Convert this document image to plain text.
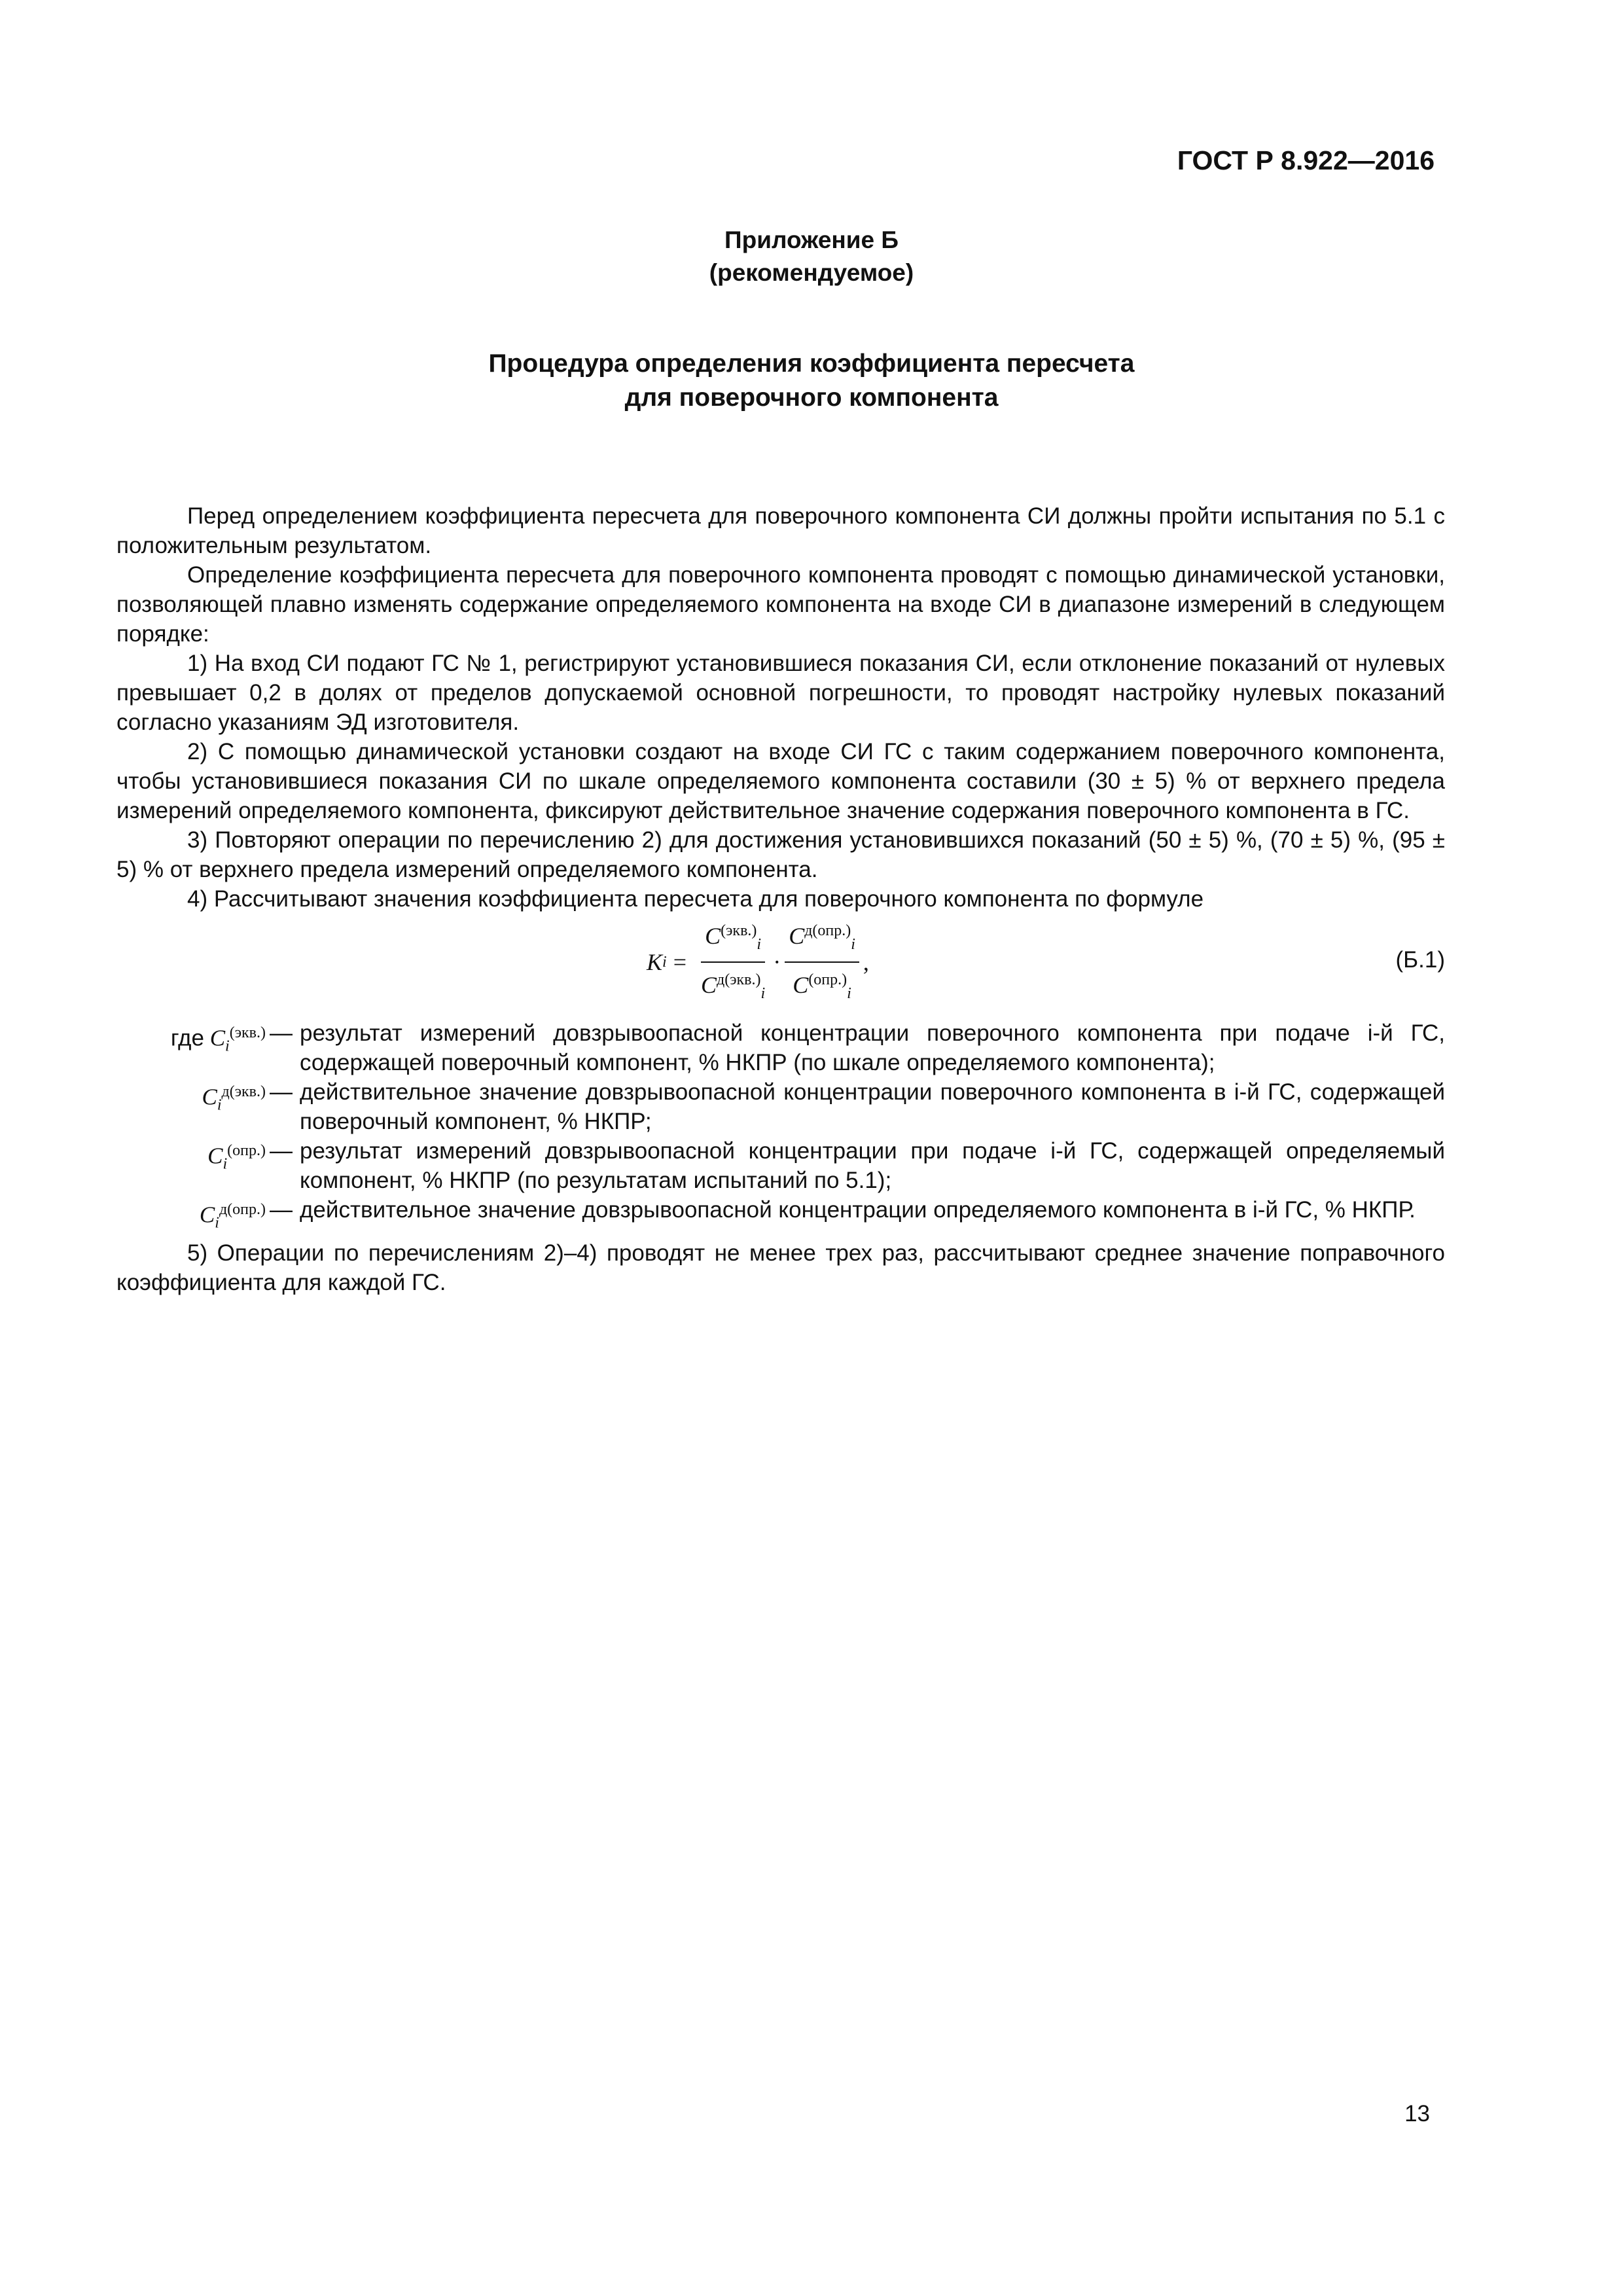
ГОСТ Р 8.922—2016
Приложение Б
(рекомендуемое)
Процедура определения коэффициента пересчета
для поверочного компонента

Перед определением коэффициента пересчета для поверочного компонента СИ должны пройти испытания по 5.1 с положительным результатом.

Определение коэффициента пересчета для поверочного компонента проводят с помощью динамической установки, позволяющей плавно изменять содержание определяемого компонента на входе СИ в диапазоне измерений в следующем порядке:

1) На вход СИ подают ГС № 1, регистрируют установившиеся показания СИ, если отклонение показаний от нулевых превышает 0,2 в долях от пределов допускаемой основной погрешности, то проводят настройку нулевых показаний согласно указаниям ЭД изготовителя.

2) С помощью динамической установки создают на входе СИ ГС с таким содержанием поверочного компонента, чтобы установившиеся показания СИ по шкале определяемого компонента составили (30 ± 5) % от верхнего предела измерений определяемого компонента, фиксируют действительное значение содержания поверочного компонента в ГС.

3) Повторяют операции по перечислению 2) для достижения установившихся показаний (50 ± 5) %, (70 ± 5) %, (95 ± 5) % от верхнего предела измерений определяемого компонента.

4) Рассчитывают значения коэффициента пересчета для поверочного компонента по формуле

K $i = \frac{C^{(экв.)}_i}{C^{д(экв.)}_i} \cdot \frac{C^{д(опр.)}_i}{C^{(опр.)}_i}$ ,	(Б.1)
где $C_i^{(экв.)}$ — результат измерений довзрывоопасной концентрации поверочного компонента при подаче i-й ГС, содержащей поверочный компонент, % НКПР (по шкале определяемого компонента);
$C_i^{д(экв.)}$ — действительное значение довзрывоопасной концентрации поверочного компонента в i-й ГС, содержащей поверочный компонент, % НКПР;
$C_i^{(опр.)}$ — результат измерений довзрывоопасной концентрации при подаче i-й ГС, содержащей определяемый компонент, % НКПР (по результатам испытаний по 5.1);
$C_i^{д(опр.)}$ — действительное значение довзрывоопасной концентрации определяемого компонента в i-й ГС, % НКПР.

5) Операции по перечислениям 2)–4) проводят не менее трех раз, рассчитывают среднее значение поправочного коэффициента для каждой ГС.

13
